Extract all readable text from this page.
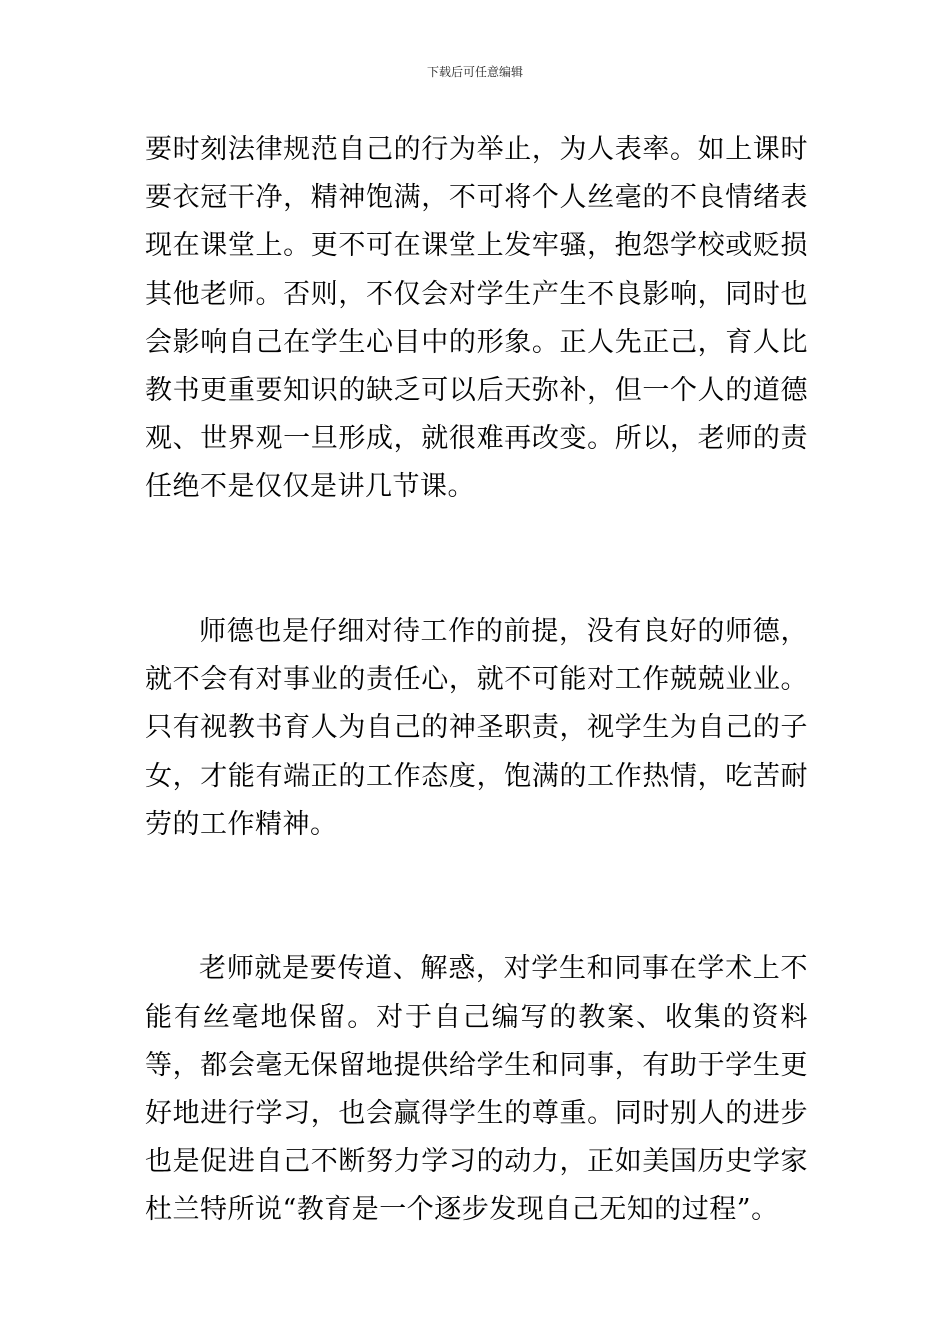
下载后可任意编辑

要时刻法律规范自己的行为举止，为人表率。如上课时要衣冠干净，精神饱满，不可将个人丝毫的不良情绪表现在课堂上。更不可在课堂上发牢骚，抱怨学校或贬损其他老师。否则，不仅会对学生产生不良影响，同时也会影响自己在学生心目中的形象。正人先正己，育人比教书更重要知识的缺乏可以后天弥补，但一个人的道德观、世界观一旦形成，就很难再改变。所以，老师的责任绝不是仅仅是讲几节课。

师德也是仔细对待工作的前提，没有良好的师德，就不会有对事业的责任心，就不可能对工作兢兢业业。只有视教书育人为自己的神圣职责，视学生为自己的子女，才能有端正的工作态度，饱满的工作热情，吃苦耐劳的工作精神。

老师就是要传道、解惑，对学生和同事在学术上不能有丝毫地保留。对于自己编写的教案、收集的资料等，都会毫无保留地提供给学生和同事，有助于学生更好地进行学习，也会赢得学生的尊重。同时别人的进步也是促进自己不断努力学习的动力，正如美国历史学家杜兰特所说“教育是一个逐步发现自己无知的过程”。
